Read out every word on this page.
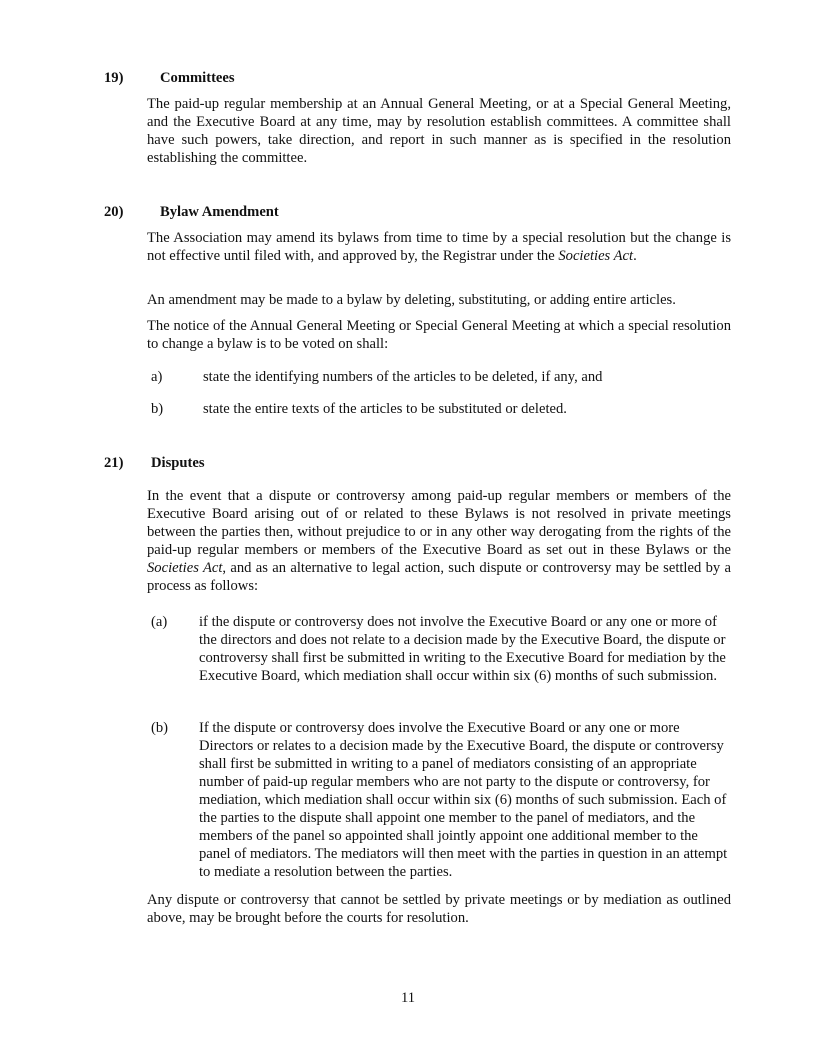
19)	Committees
The paid-up regular membership at an Annual General Meeting, or at a Special General Meeting, and the Executive Board at any time, may by resolution establish committees. A committee shall have such powers, take direction, and report in such manner as is specified in the resolution establishing the committee.
20)	Bylaw Amendment
The Association may amend its bylaws from time to time by a special resolution but the change is not effective until filed with, and approved by, the Registrar under the Societies Act.
An amendment may be made to a bylaw by deleting, substituting, or adding entire articles.
The notice of the Annual General Meeting or Special General Meeting at which a special resolution to change a bylaw is to be voted on shall:
a)	state the identifying numbers of the articles to be deleted, if any, and
b)	state the entire texts of the articles to be substituted or deleted.
21) Disputes
In the event that a dispute or controversy among paid-up regular members or members of the Executive Board arising out of or related to these Bylaws is not resolved in private meetings between the parties then, without prejudice to or in any other way derogating from the rights of the paid-up regular members or members of the Executive Board as set out in these Bylaws or the Societies Act, and as an alternative to legal action, such dispute or controversy may be settled by a process as follows:
(a) if the dispute or controversy does not involve the Executive Board or any one or more of the directors and does not relate to a decision made by the Executive Board, the dispute or controversy shall first be submitted in writing to the Executive Board for mediation by the Executive Board, which mediation shall occur within six (6) months of such submission.
(b) If the dispute or controversy does involve the Executive Board or any one or more Directors or relates to a decision made by the Executive Board, the dispute or controversy shall first be submitted in writing to a panel of mediators consisting of an appropriate number of paid-up regular members who are not party to the dispute or controversy, for mediation, which mediation shall occur within six (6) months of such submission. Each of the parties to the dispute shall appoint one member to the panel of mediators, and the members of the panel so appointed shall jointly appoint one additional member to the panel of mediators. The mediators will then meet with the parties in question in an attempt to mediate a resolution between the parties.
Any dispute or controversy that cannot be settled by private meetings or by mediation as outlined above, may be brought before the courts for resolution.
11
